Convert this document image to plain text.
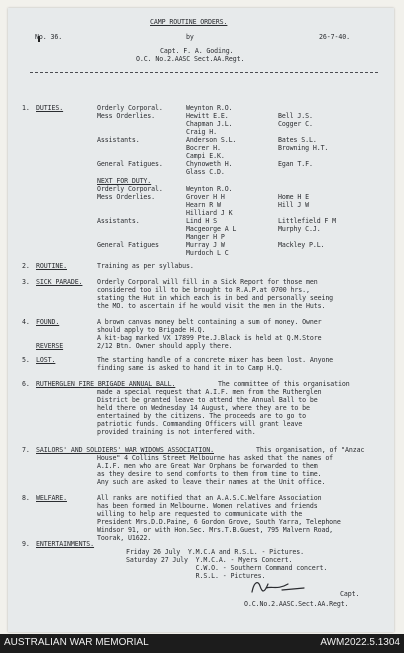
CAMP ROUTINE ORDERS.
No. 36.	by	26-7-40.
Capt. F. A. Goding.
O.C. No.2.AASC Sect.AA.Regt.
1. DUTIES.	Orderly Corporal.	Weynton R.O.
Mess Orderlies.	Hewitt E.E.	Bell J.S.
Chapman J.L.	Cogger C.
Craig H.
Assistants.	Anderson S.L.	Bates S.L.
Bocrer H.	Browning H.T.
Campi E.K.
General Fatigues.	Chynoweth H.	Egan T.F.
Glass C.D.
NEXT FOR DUTY.
Orderly Corporal.	Weynton R.O.
Mess Orderlies.	Grover H H	Home H E
Hearn R W	Hill J W
Hilliard J K
Assistants.	Lind H S	Littlefield F M
Macgeorge A L	Murphy C.J.
Manger H P
General Fatigues	Murray J W	Mackley P.L.
Murdoch L C
2. ROUTINE.	Training as per syllabus.
3. SICK PARADE. Orderly Corporal will fill in a Sick Report for those men
considered too ill to be brought to R.A.P.at 0700 hrs.,
stating the Hut in which each is in bed and personally seeing
the MO. to ascertain if he would visit the men in the Huts.
4. FOUND.	A brown canvas money belt containing a sum of money. Owner
should apply to Brigade H.Q.
A kit-bag marked VX 17899 Pte.J.Black is held at Q.M.Store
2/12 Btn. Owner should apply there.
REVERSE
5. LOST.	The starting handle of a concrete mixer has been lost. Anyone
finding same is asked to hand it in to Camp H.Q.
6. RUTHERGLEN FIRE BRIGADE ANNUAL BALL.	The committee of this organisation
made a special request that A.I.F. men from the Rutherglen
District be granted leave to attend the Annual Ball to be
held there on Wednesday 14 August, where they are to be
entertained by the citizens. The proceeds are to go to
patriotic funds. Commanding Officers will grant leave
provided training is not interfered with.
7. SAILORS' AND SOLDIERS' WAR WIDOWS ASSOCIATION.	This organisation, of "Anzac
House" 4 Collins Street Melbourne has asked that the names of
A.I.F. men who are Great War Orphans be forwarded to them
as they desire to send comforts to them from time to time.
Any such are asked to leave their names at the Unit office.
8. WELFARE.	All ranks are notified that an A.A.S.C.Welfare Association
has been formed in Melbourne. Women relatives and friends
willing to help are requested to communicate with the
President Mrs.D.D.Paine, 6 Gordon Grove, South Yarra, Telephone
Windsor 91, or with Hon.Sec. Mrs.T.B.Guest, 795 Malvern Road,
Toorak, U1622.
9. ENTERTAINMENTS.
Friday 26 July  Y.M.C.A and R.S.L. - Pictures.
Saturday 27 July  Y.M.C.A. - Myers Concert.
C.W.O. - Southern Command concert.
R.S.L. - Pictures.
Capt.
O.C.No.2.AASC.Sect.AA.Regt.
AUSTRALIAN WAR MEMORIAL	AWM2022.5.1304
